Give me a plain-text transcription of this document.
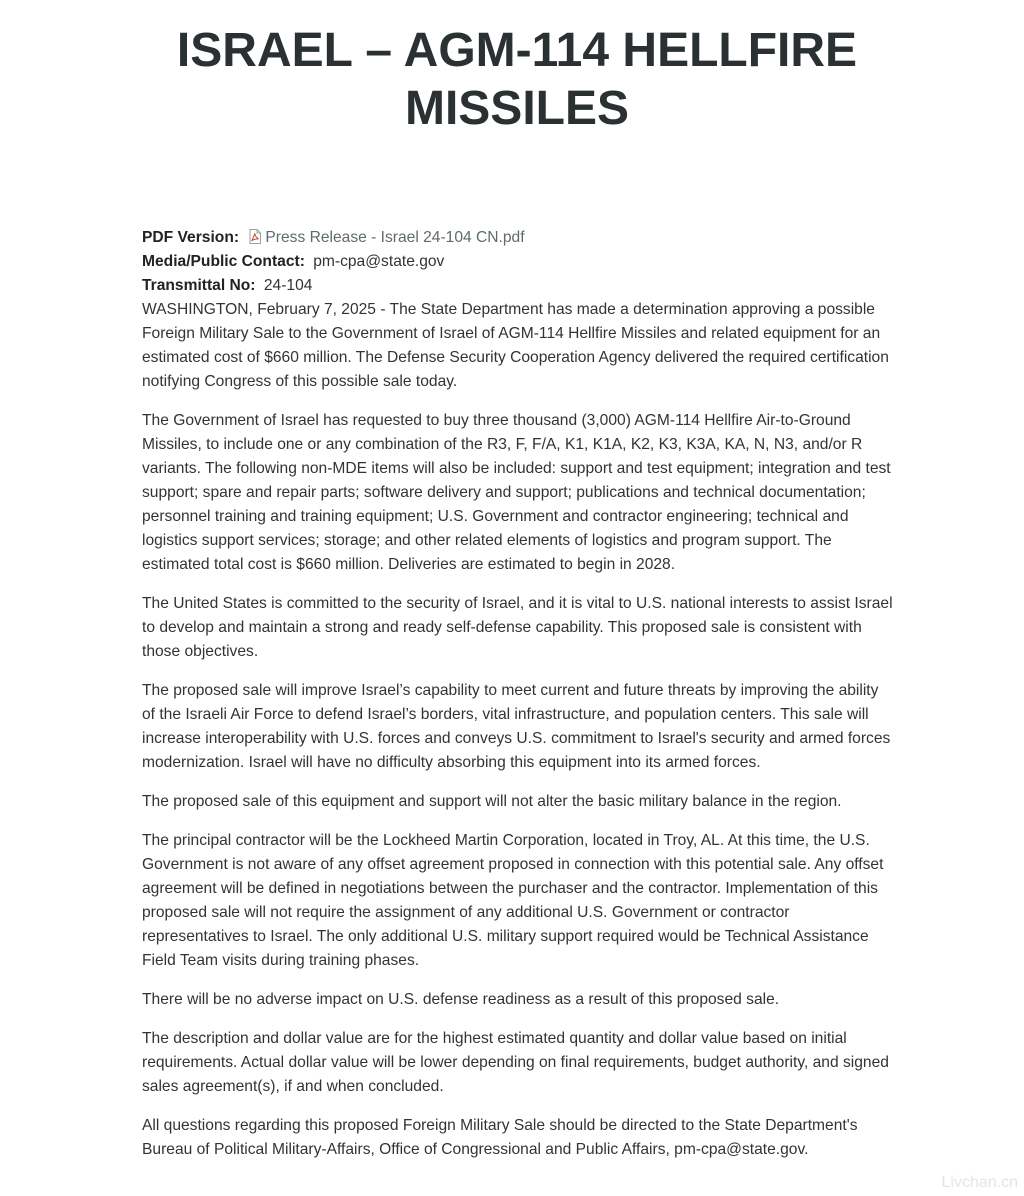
ISRAEL – AGM-114 HELLFIRE MISSILES

PDF Version: Press Release - Israel 24-104 CN.pdf

Media/Public Contact: pm-cpa@state.gov

Transmittal No: 24-104

WASHINGTON, February 7, 2025 - The State Department has made a determination approving a possible Foreign Military Sale to the Government of Israel of AGM-114 Hellfire Missiles and related equipment for an estimated cost of $660 million. The Defense Security Cooperation Agency delivered the required certification notifying Congress of this possible sale today.

The Government of Israel has requested to buy three thousand (3,000) AGM-114 Hellfire Air-to-Ground Missiles, to include one or any combination of the R3, F, F/A, K1, K1A, K2, K3, K3A, KA, N, N3, and/or R variants. The following non-MDE items will also be included: support and test equipment; integration and test support; spare and repair parts; software delivery and support; publications and technical documentation; personnel training and training equipment; U.S. Government and contractor engineering; technical and logistics support services; storage; and other related elements of logistics and program support. The estimated total cost is $660 million. Deliveries are estimated to begin in 2028.

The United States is committed to the security of Israel, and it is vital to U.S. national interests to assist Israel to develop and maintain a strong and ready self-defense capability. This proposed sale is consistent with those objectives.

The proposed sale will improve Israel’s capability to meet current and future threats by improving the ability of the Israeli Air Force to defend Israel’s borders, vital infrastructure, and population centers. This sale will increase interoperability with U.S. forces and conveys U.S. commitment to Israel's security and armed forces modernization. Israel will have no difficulty absorbing this equipment into its armed forces.

The proposed sale of this equipment and support will not alter the basic military balance in the region.

The principal contractor will be the Lockheed Martin Corporation, located in Troy, AL. At this time, the U.S. Government is not aware of any offset agreement proposed in connection with this potential sale. Any offset agreement will be defined in negotiations between the purchaser and the contractor. Implementation of this proposed sale will not require the assignment of any additional U.S. Government or contractor representatives to Israel. The only additional U.S. military support required would be Technical Assistance Field Team visits during training phases.

There will be no adverse impact on U.S. defense readiness as a result of this proposed sale.

The description and dollar value are for the highest estimated quantity and dollar value based on initial requirements. Actual dollar value will be lower depending on final requirements, budget authority, and signed sales agreement(s), if and when concluded.

All questions regarding this proposed Foreign Military Sale should be directed to the State Department's Bureau of Political Military-Affairs, Office of Congressional and Public Affairs, pm-cpa@state.gov.

Livchan.cn
